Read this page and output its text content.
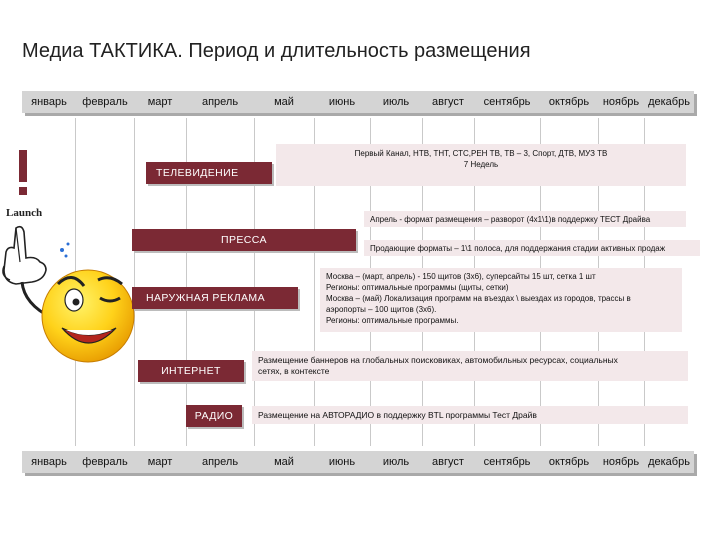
Медиа ТАКТИКА. Период и длительность размещения
январь	февраль	март	апрель	май	июнь	июль	август	сентябрь	октябрь	ноябрь декабрь
Launch
Первый Канал, НТВ, ТНТ, СТС,РЕН ТВ, ТВ – 3, Спорт, ДТВ, МУЗ ТВ
7 Недель
ТЕЛЕВИДЕНИЕ
Апрель - формат размещения – разворот (4х1\1)в поддержку ТЕСТ Драйва
Продающие форматы – 1\1 полоса, для поддержания стадии активных продаж
ПРЕССА
Москва – (март, апрель) - 150 щитов (3х6), суперсайты 15 шт, сетка 1 шт
Регионы: оптимальные программы (щиты, сетки)
Москва – (май) Локализация программ на въездах \ выездах из городов, трассы в
аэропорты – 100 щитов (3х6).
Регионы: оптимальные программы.
НАРУЖНАЯ РЕКЛАМА
Размещение баннеров на глобальных поисковиках, автомобильных ресурсах, социальных
сетях, в контексте
ИНТЕРНЕТ
Размещение на АВТОРАДИО в поддержку BTL программы Тест Драйв
РАДИО
январь	февраль	март	апрель	май	июнь	июль	август	сентябрь	октябрь	ноябрь декабрь
